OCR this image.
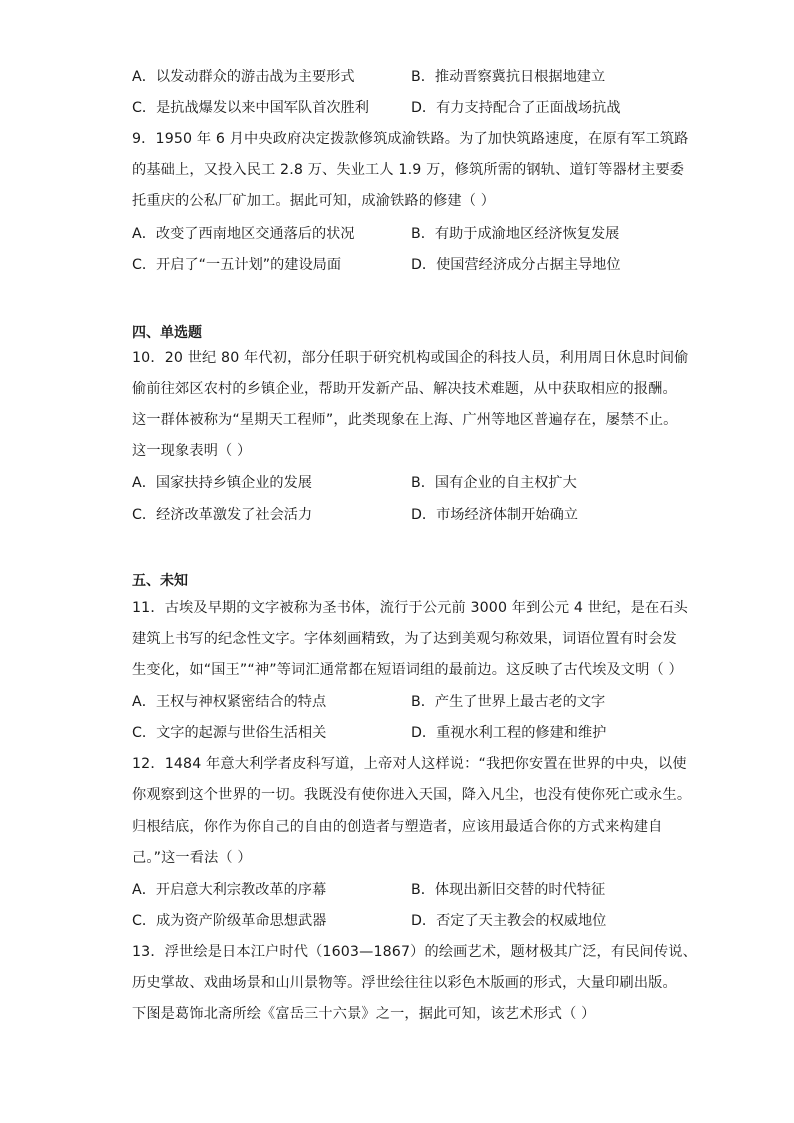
A．以发动群众的游击战为主要形式	B．推动晋察冀抗日根据地建立
C．是抗战爆发以来中国军队首次胜利	D．有力支持配合了正面战场抗战
9．1950 年 6 月中央政府决定拨款修筑成渝铁路。为了加快筑路速度，在原有军工筑路
的基础上，又投入民工 2.8 万、失业工人 1.9 万，修筑所需的钢轨、道钉等器材主要委
托重庆的公私厂矿加工。据此可知，成渝铁路的修建（ ）
A．改变了西南地区交通落后的状况	B．有助于成渝地区经济恢复发展
C．开启了“一五计划”的建设局面	D．使国营经济成分占据主导地位
四、单选题
10．20 世纪 80 年代初，部分任职于研究机构或国企的科技人员，利用周日休息时间偷
偷前往郊区农村的乡镇企业，帮助开发新产品、解决技术难题，从中获取相应的报酬。
这一群体被称为“星期天工程师”，此类现象在上海、广州等地区普遍存在，屡禁不止。
这一现象表明（ ）
A．国家扶持乡镇企业的发展	B．国有企业的自主权扩大
C．经济改革激发了社会活力	D．市场经济体制开始确立
五、未知
11．古埃及早期的文字被称为圣书体，流行于公元前 3000 年到公元 4 世纪，是在石头
建筑上书写的纪念性文字。字体刻画精致，为了达到美观匀称效果，词语位置有时会发
生变化，如“国王”“神”等词汇通常都在短语词组的最前边。这反映了古代埃及文明（ ）
A．王权与神权紧密结合的特点	B．产生了世界上最古老的文字
C．文字的起源与世俗生活相关	D．重视水利工程的修建和维护
12．1484 年意大利学者皮科写道，上帝对人这样说：“我把你安置在世界的中央，以使
你观察到这个世界的一切。我既没有使你进入天国，降入凡尘，也没有使你死亡或永生。
归根结底，你作为你自己的自由的创造者与塑造者，应该用最适合你的方式来构建自
己。”这一看法（ ）
A．开启意大利宗教改革的序幕	B．体现出新旧交替的时代特征
C．成为资产阶级革命思想武器	D．否定了天主教会的权威地位
13．浮世绘是日本江户时代（1603—1867）的绘画艺术，题材极其广泛，有民间传说、
历史掌故、戏曲场景和山川景物等。浮世绘往往以彩色木版画的形式，大量印刷出版。
下图是葛饰北斋所绘《富岳三十六景》之一，据此可知，该艺术形式（ ）
